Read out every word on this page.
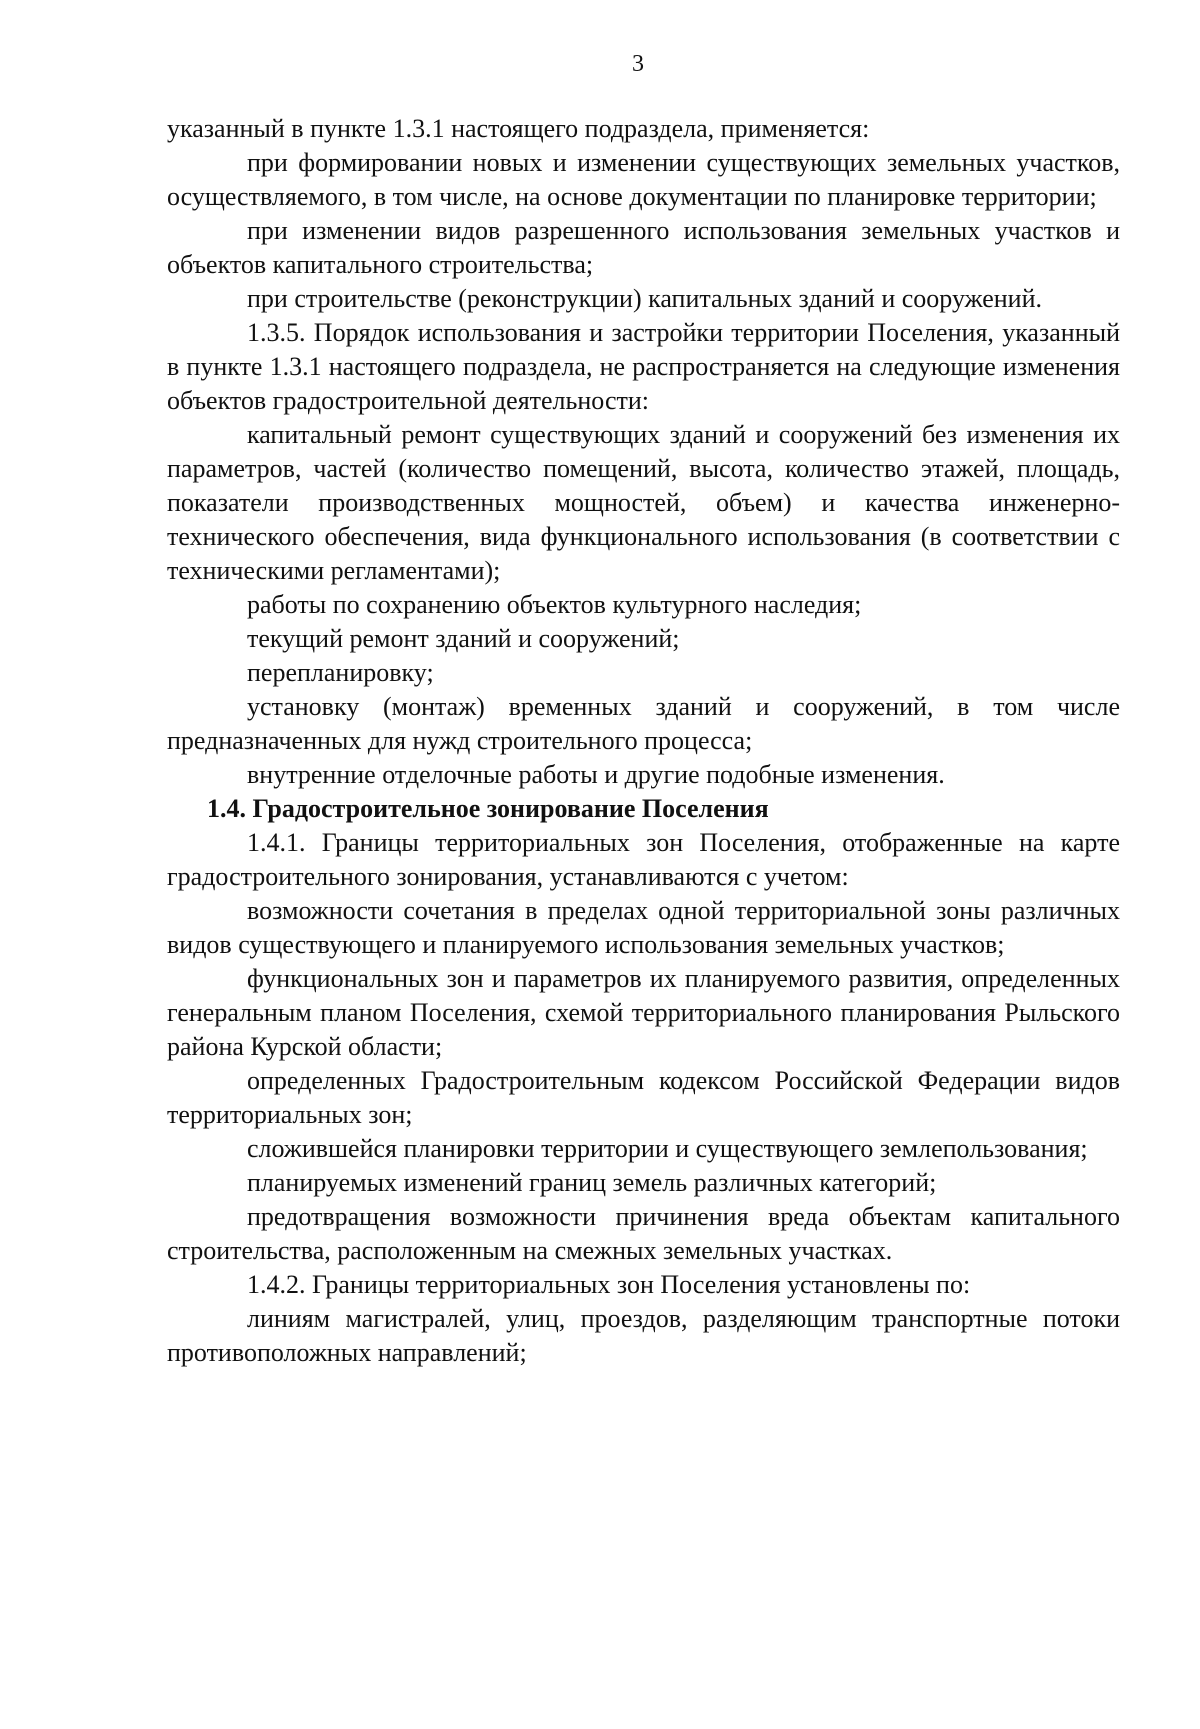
3

указанный в пункте 1.3.1 настоящего подраздела, применяется:

при формировании новых и изменении существующих земельных участков, осуществляемого, в том числе, на основе документации по планировке территории;

при изменении видов разрешенного использования земельных участков и объектов капитального строительства;

при строительстве (реконструкции) капитальных зданий и сооружений.

1.3.5. Порядок использования и застройки территории Поселения, указанный в пункте 1.3.1 настоящего подраздела, не распространяется на следующие изменения объектов градостроительной деятельности:

капитальный ремонт существующих зданий и сооружений без изменения их параметров, частей (количество помещений, высота, количество этажей, площадь, показатели производственных мощностей, объем) и качества инженерно-технического обеспечения, вида функционального использования (в соответствии с техническими регламентами);

работы по сохранению объектов культурного наследия;

текущий ремонт зданий и сооружений;

перепланировку;

установку (монтаж) временных зданий и сооружений, в том числе предназначенных для нужд строительного процесса;

внутренние отделочные работы и другие подобные изменения.

1.4. Градостроительное зонирование Поселения

1.4.1. Границы территориальных зон Поселения, отображенные на карте градостроительного зонирования, устанавливаются с учетом:

возможности сочетания в пределах одной территориальной зоны различных видов существующего и планируемого использования земельных участков;

функциональных зон и параметров их планируемого развития, определенных генеральным планом Поселения, схемой территориального планирования Рыльского района Курской области;

определенных Градостроительным кодексом Российской Федерации видов территориальных зон;

сложившейся планировки территории и существующего землепользования;

планируемых изменений границ земель различных категорий;

предотвращения возможности причинения вреда объектам капитального строительства, расположенным на смежных земельных участках.

1.4.2. Границы территориальных зон Поселения установлены по:

линиям магистралей, улиц, проездов, разделяющим транспортные потоки противоположных направлений;
